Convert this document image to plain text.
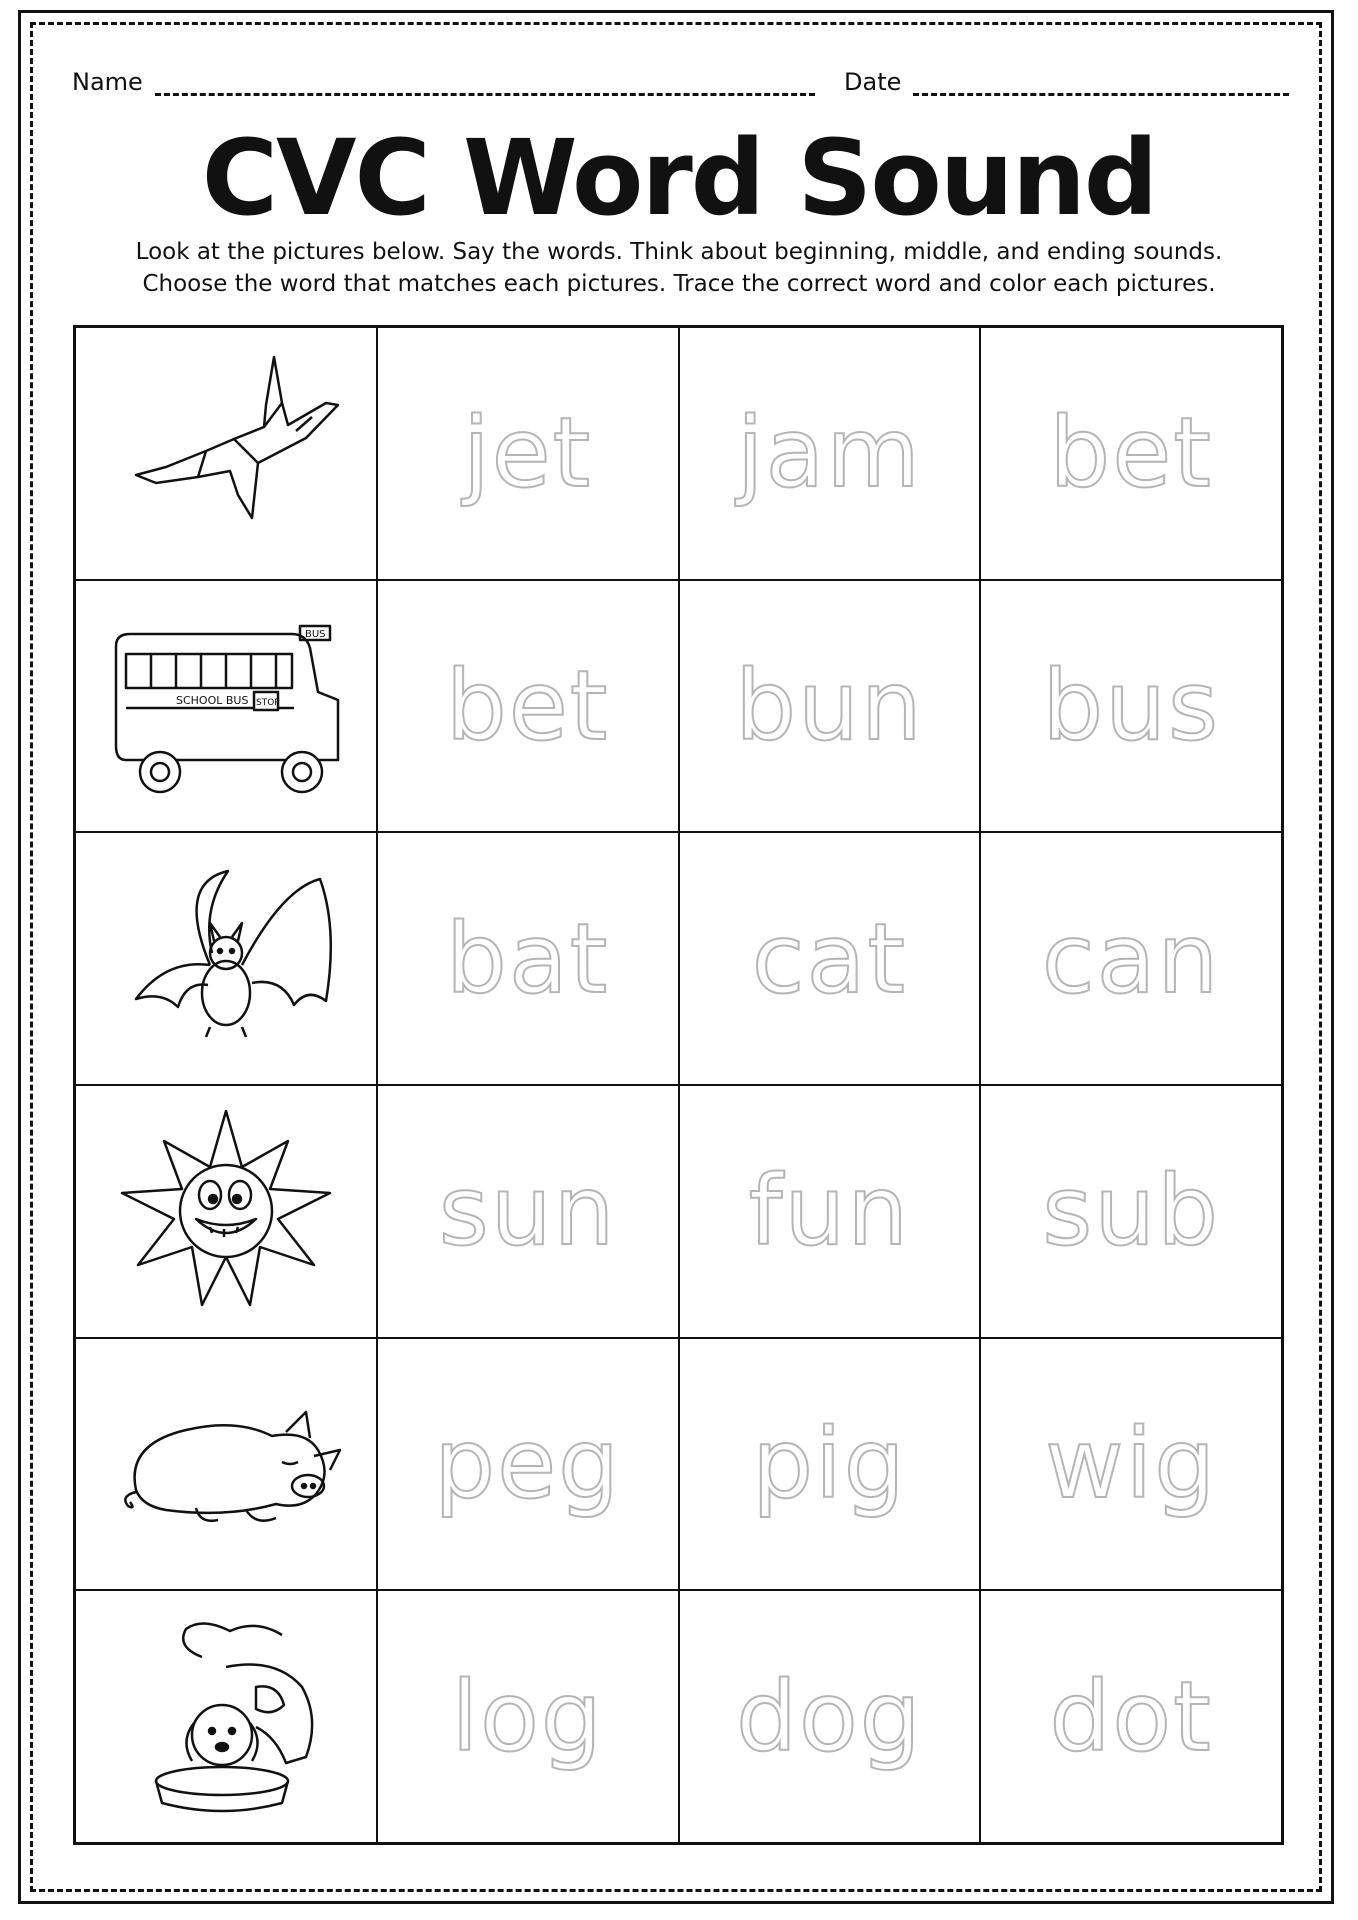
Name	Date
CVC Word Sound
Look at the pictures below. Say the words. Think about beginning, middle, and ending sounds.
Choose the word that matches each pictures. Trace the correct word and color each pictures.
jet jam bet
SCHOOL BUS STOP
BUS
bet bun bus
bat cat can
sun fun sub
peg pig wig
log dog dot
